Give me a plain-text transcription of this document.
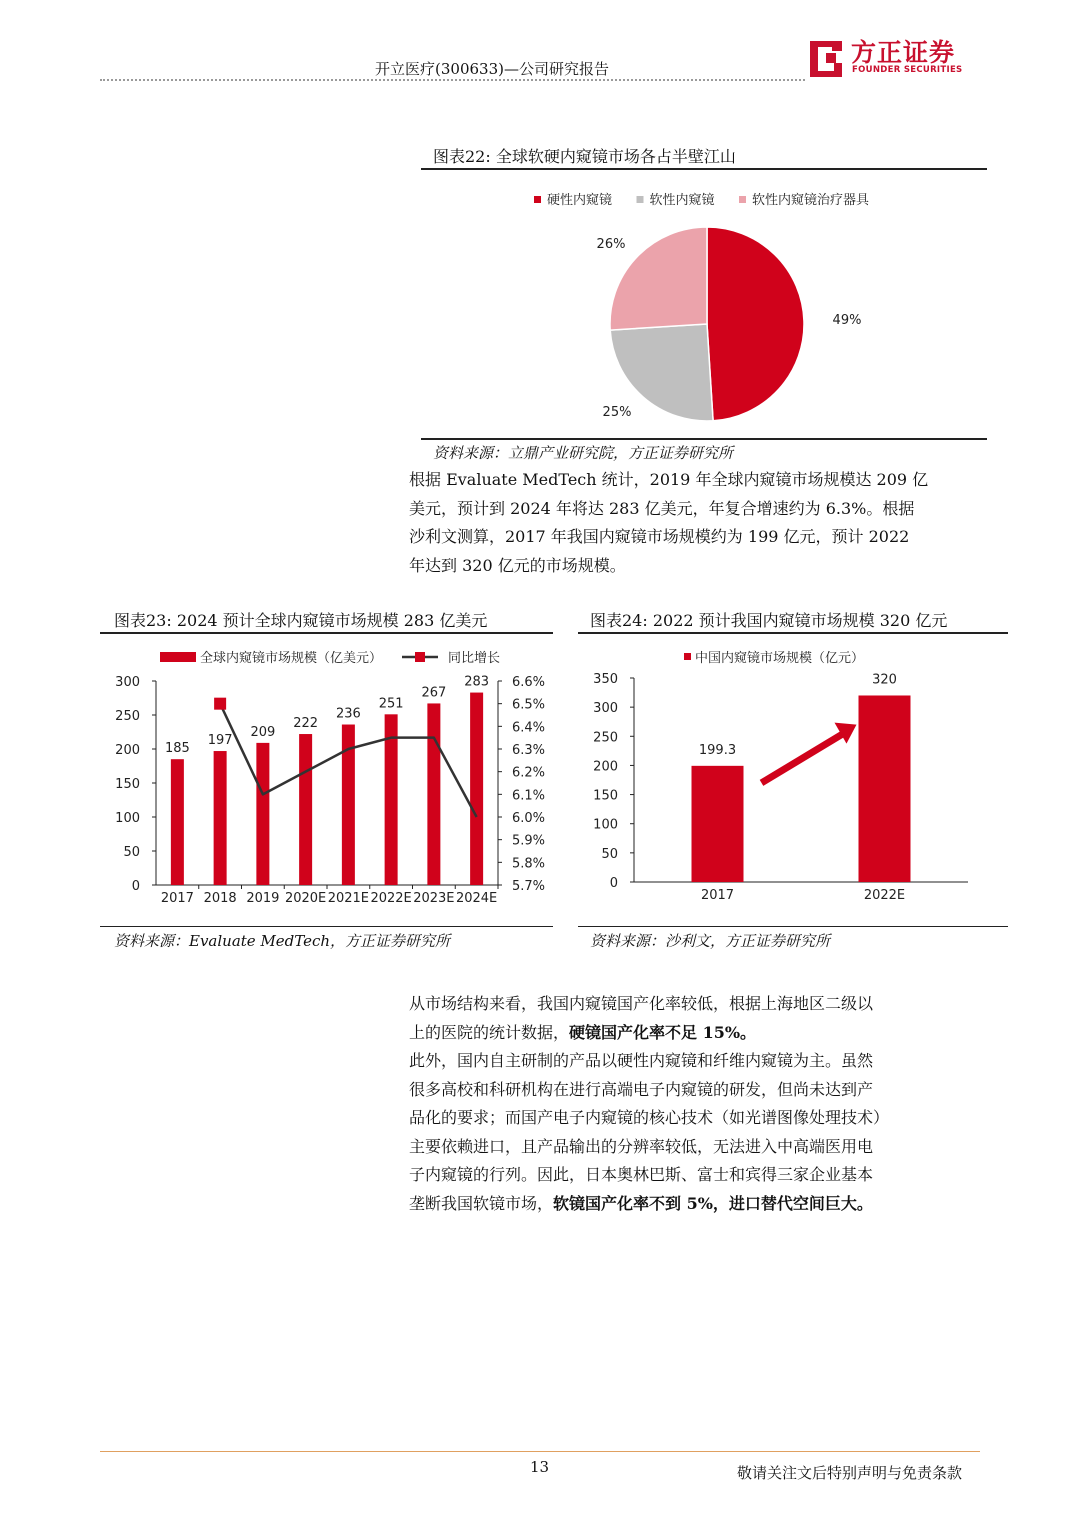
开立医疗(300633)—公司研究报告
方正证券
FOUNDER SECURITIES
图表22: 全球软硬内窥镜市场各占半壁江山
硬性内窥镜	软性内窥镜	软性内窥镜治疗器具
49%
25%
26%
资料来源：立鼎产业研究院，方正证券研究所
根据 Evaluate MedTech 统计，2019 年全球内窥镜市场规模达 209 亿
美元，预计到 2024 年将达 283 亿美元，年复合增速约为 6.3%。根据
沙利文测算，2017 年我国内窥镜市场规模约为 199 亿元，预计 2022
年达到 320 亿元的市场规模。
图表23: 2024 预计全球内窥镜市场规模 283 亿美元
全球内窥镜市场规模（亿美元）	同比增长
0
50
100
150
200
250
300
5.7%
5.8%
5.9%
6.0%
6.1%
6.2%
6.3%
6.4%
6.5%
6.6%
2017
185
2018
197
2019
209
2020E
222
2021E
236
2022E
251
2023E
267
2024E
283
资料来源：Evaluate MedTech，方正证券研究所
图表24: 2022 预计我国内窥镜市场规模 320 亿元
中国内窥镜市场规模（亿元）
0
50
100
150
200
250
300
350
2017
199.3
2022E
320
资料来源：沙利文，方正证券研究所
从市场结构来看，我国内窥镜国产化率较低，根据上海地区二级以
上的医院的统计数据，硬镜国产化率不足 15%。
此外，国内自主研制的产品以硬性内窥镜和纤维内窥镜为主。虽然
很多高校和科研机构在进行高端电子内窥镜的研发，但尚未达到产
品化的要求；而国产电子内窥镜的核心技术（如光谱图像处理技术）
主要依赖进口，且产品输出的分辨率较低，无法进入中高端医用电
子内窥镜的行列。因此，日本奥林巴斯、富士和宾得三家企业基本
垄断我国软镜市场，软镜国产化率不到 5%，进口替代空间巨大。
13	敬请关注文后特别声明与免责条款
